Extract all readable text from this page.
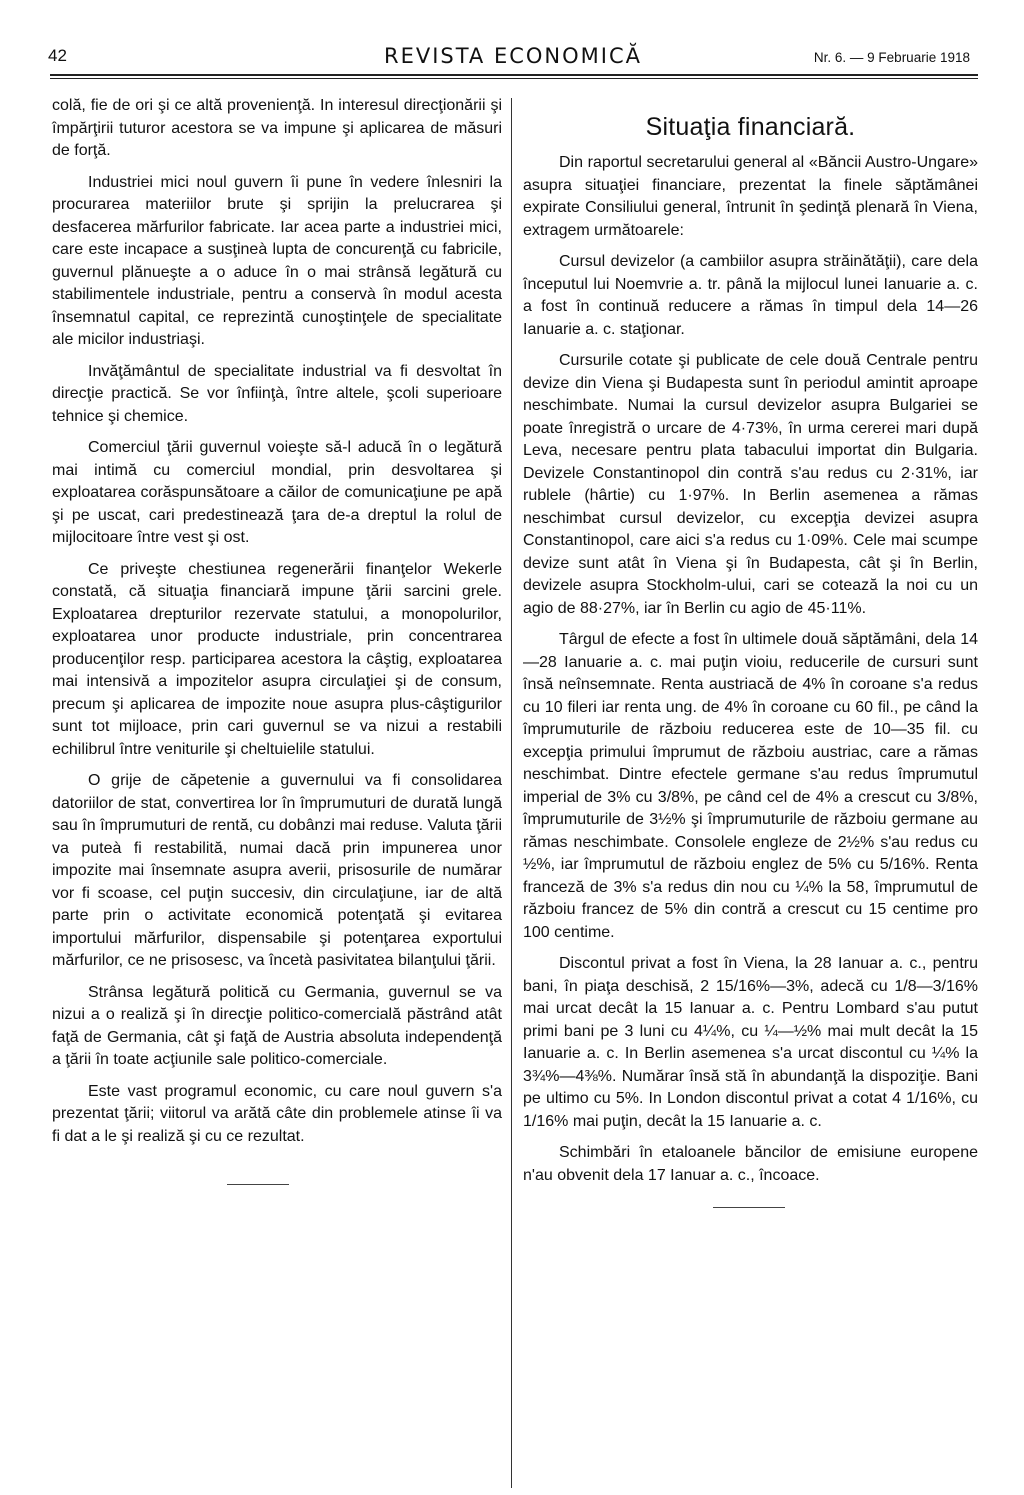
42	REVISTA ECONOMICĂ	Nr. 6. — 9 Februarie 1918

colă, fie de ori şi ce altă provenienţă. In interesul direcţionării şi împărţirii tuturor acestora se va impune şi aplicarea de măsuri de forţă.

Industriei mici noul guvern îi pune în vedere înlesniri la procurarea materiilor brute şi sprijin la prelucrarea şi desfacerea mărfurilor fabricate. Iar acea parte a industriei mici, care este incapace a susţineà lupta de concurenţă cu fabricile, guvernul plănueşte a o aduce în o mai strânsă legătură cu stabilimentele industriale, pentru a conservà în modul acesta însemnatul capital, ce reprezintă cunoştinţele de specialitate ale micilor industriaşi.

Invăţământul de specialitate industrial va fi desvoltat în direcţie practică. Se vor înfiinţà, între altele, şcoli superioare tehnice şi chemice.

Comerciul ţării guvernul voieşte să-l aducă în o legătură mai intimă cu comerciul mondial, prin desvoltarea şi exploatarea corăspunsătoare a căilor de comunicaţiune pe apă şi pe uscat, cari predestinează ţara de-a dreptul la rolul de mijlocitoare între vest şi ost.

Ce priveşte chestiunea regenerării finanţelor Wekerle constată, că situaţia financiară impune ţării sarcini grele. Exploatarea drepturilor rezervate statului, a monopolurilor, exploatarea unor producte industriale, prin concentrarea producenţilor resp. participarea acestora la câştig, exploatarea mai intensivă a impozitelor asupra circulaţiei şi de consum, precum şi aplicarea de impozite noue asupra plus-câştigurilor sunt tot mijloace, prin cari guvernul se va nizui a restabili echilibrul între veniturile şi cheltuielile statului.

O grije de căpetenie a guvernului va fi consolidarea datoriilor de stat, convertirea lor în împrumuturi de durată lungă sau în împrumuturi de rentă, cu dobânzi mai reduse. Valuta ţării va puteà fi restabilită, numai dacă prin impunerea unor impozite mai însemnate asupra averii, prisosurile de numărar vor fi scoase, cel puţin succesiv, din circulaţiune, iar de altă parte prin o activitate economică potenţată şi evitarea importului mărfurilor, dispensabile şi potenţarea exportului mărfurilor, ce ne prisosesc, va încetà pasivitatea bilanţului ţării.

Strânsa legătură politică cu Germania, guvernul se va nizui a o realiză şi în direcţie politico-comercială păstrând atât faţă de Germania, cât şi faţă de Austria absoluta independenţă a ţării în toate acţiunile sale politico-comerciale.

Este vast programul economic, cu care noul guvern s'a prezentat ţării; viitorul va arătă câte din problemele atinse îi va fi dat a le şi realiză şi cu ce rezultat.

Situaţia financiară.

Din raportul secretarului general al «Băncii Austro-Ungare» asupra situaţiei financiare, prezentat la finele săptămânei expirate Consiliului general, întrunit în şedinţă plenară în Viena, extragem următoarele:

Cursul devizelor (a cambiilor asupra străinătăţii), care dela începutul lui Noemvrie a. tr. până la mijlocul lunei Ianuarie a. c. a fost în continuă reducere a rămas în timpul dela 14—26 Ianuarie a. c. staţionar.

Cursurile cotate şi publicate de cele două Centrale pentru devize din Viena şi Budapesta sunt în periodul amintit aproape neschimbate. Numai la cursul devizelor asupra Bulgariei se poate înregistră o urcare de 4·73%, în urma cererei mari după Leva, necesare pentru plata tabacului importat din Bulgaria. Devizele Constantinopol din contră s'au redus cu 2·31%, iar rublele (hârtie) cu 1·97%. In Berlin asemenea a rămas neschimbat cursul devizelor, cu excepţia devizei asupra Constantinopol, care aici s'a redus cu 1·09%. Cele mai scumpe devize sunt atât în Viena şi în Budapesta, cât şi în Berlin, devizele asupra Stockholm-ului, cari se cotează la noi cu un agio de 88·27%, iar în Berlin cu agio de 45·11%.

Târgul de efecte a fost în ultimele două săptămâni, dela 14—28 Ianuarie a. c. mai puţin vioiu, reducerile de cursuri sunt însă neînsemnate. Renta austriacă de 4% în coroane s'a redus cu 10 fileri iar renta ung. de 4% în coroane cu 60 fil., pe când la împrumuturile de războiu reducerea este de 10—35 fil. cu excepţia primului împrumut de războiu austriac, care a rămas neschimbat. Dintre efectele germane s'au redus împrumutul imperial de 3% cu 3/8%, pe când cel de 4% a crescut cu 3/8%, împrumuturile de 3½% şi împrumuturile de războiu germane au rămas neschimbate. Consolele engleze de 2½% s'au redus cu ½%, iar împrumutul de războiu englez de 5% cu 5/16%. Renta franceză de 3% s'a redus din nou cu ¼% la 58, împrumutul de războiu francez de 5% din contră a crescut cu 15 centime pro 100 centime.

Discontul privat a fost în Viena, la 28 Ianuar a. c., pentru bani, în piaţa deschisă, 2 15/16%—3%, adecă cu 1/8—3/16% mai urcat decât la 15 Ianuar a. c. Pentru Lombard s'au putut primi bani pe 3 luni cu 4¼%, cu ¼—½% mai mult decât la 15 Ianuarie a. c. In Berlin asemenea s'a urcat discontul cu ¼% la 3¾%—4⅜%. Numărar însă stă în abundanţă la dispoziţie. Bani pe ultimo cu 5%. In London discontul privat a cotat 4 1/16%, cu 1/16% mai puţin, decât la 15 Ianuarie a. c.

Schimbări în etaloanele băncilor de emisiune europene n'au obvenit dela 17 Ianuar a. c., încoace.
